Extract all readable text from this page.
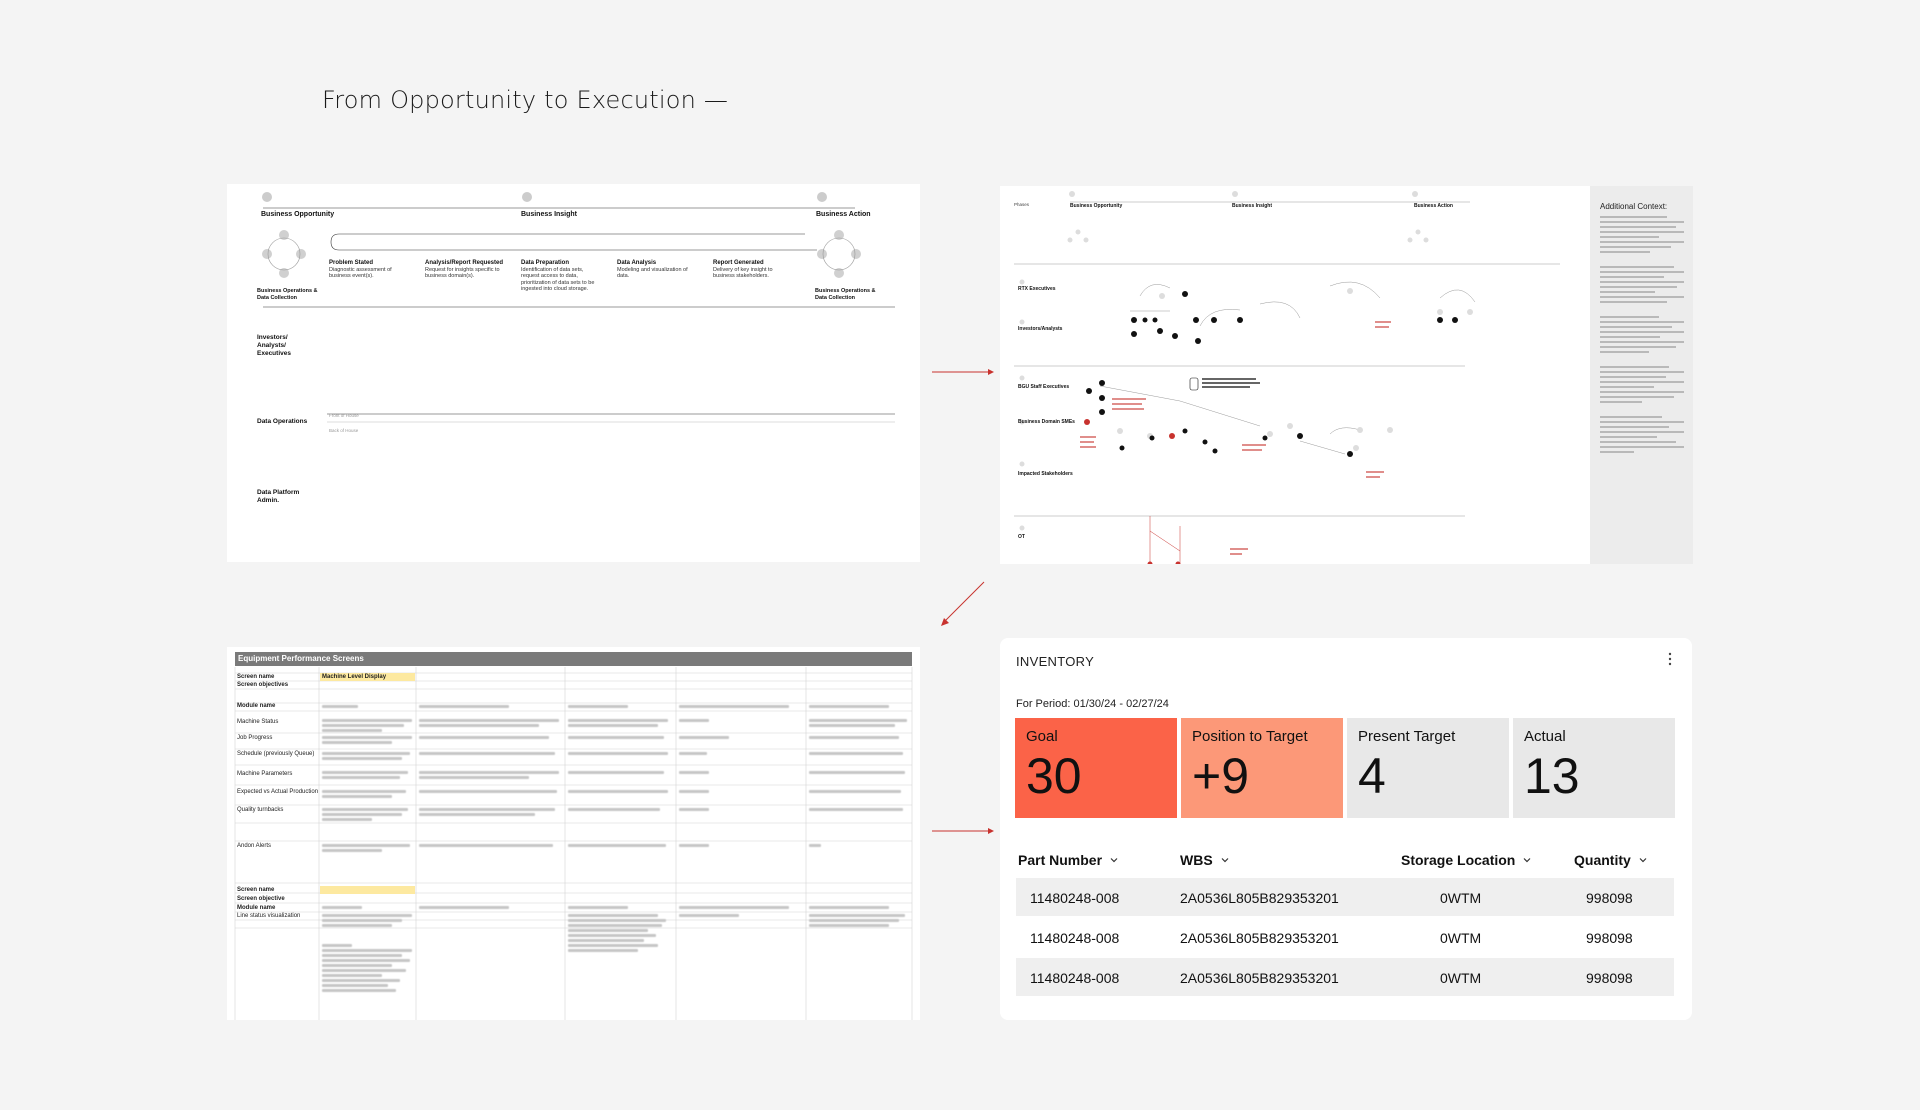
From Opportunity to Execution —
Business Opportunity	Business Insight	Business Action
Problem Stated
Diagnostic assessment of business event(s).
Analysis/Report Requested
Request for insights specific to business domain(s).
Data Preparation
Identification of data sets, request access to data, prioritization of data sets to be ingested into cloud storage.
Data Analysis
Modeling and visualization of data.
Report Generated
Delivery of key insight to business stakeholders.
Business Operations & Data Collection
Business Operations & Data Collection
Investors/ Analysts/ Executives
Data Operations
Data Platform Admin.
Front of House
Back of House
Phases	Business Opportunity	Business Insight	Business Action
RTX Executives
Investors/Analysts
BGU Staff Executives
Business Domain SMEs
Impacted Stakeholders
OT
Additional Context:
Equipment Performance Screens
Screen name	Machine Level Display
Screen objectives
Module name
Machine Status
Job Progress
Schedule (previously Queue)
Machine Parameters
Expected vs Actual Production
Quality turnbacks
Andon Alerts
Screen name
Screen objective
Module name
Line status visualization
INVENTORY
For Period: 01/30/24 - 02/27/24
Goal
30
Position to Target
+9
Present Target
4
Actual
13
Part Number	WBS	Storage Location	Quantity
11480248-008	2A0536L805B829353201	0WTM	998098
11480248-008	2A0536L805B829353201	0WTM	998098
11480248-008	2A0536L805B829353201	0WTM	998098
